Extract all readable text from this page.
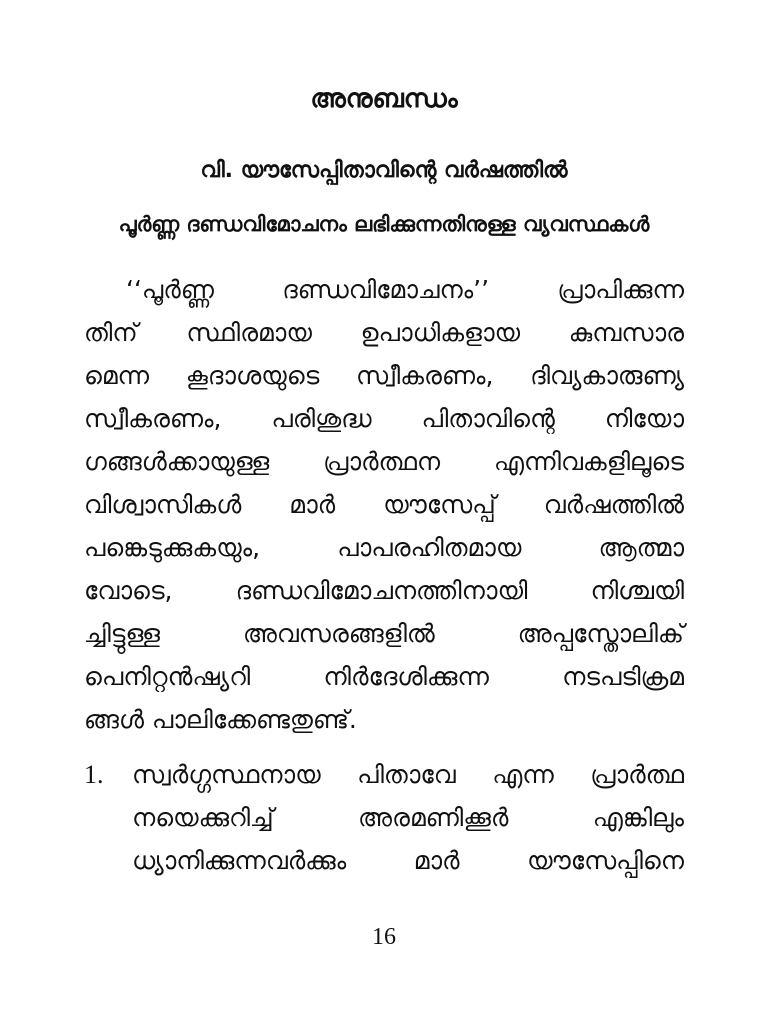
അനുബന്ധം
വി. യൗസേപ്പിതാവിന്റെ വർഷത്തിൽ
പൂർണ്ണ ദണ്ഡവിമോചനം ലഭിക്കുന്നതിനുള്ള വ്യവസ്ഥകൾ
‘‘പൂർണ്ണ ദണ്ഡവിമോചനം’’ പ്രാപിക്കുന്ന
തിന് സ്ഥിരമായ ഉപാധികളായ കുമ്പസാര
മെന്ന കൂദാശയുടെ സ്വീകരണം, ദിവ്യകാരുണ്യ
സ്വീകരണം, പരിശുദ്ധ പിതാവിന്റെ നിയോ
ഗങ്ങൾക്കായുള്ള പ്രാർത്ഥന എന്നിവകളിലൂടെ
വിശ്വാസികൾ മാർ യൗസേപ്പ് വർഷത്തിൽ
പങ്കെടുക്കുകയും, പാപരഹിതമായ ആത്മാ
വോടെ, ദണ്ഡവിമോചനത്തിനായി നിശ്ചയി
ച്ചിട്ടുള്ള അവസരങ്ങളിൽ അപ്പസ്തോലിക്
പെനിറ്റൻഷ്യറി നിർദേശിക്കുന്ന നടപടിക്രമ
ങ്ങൾ പാലിക്കേണ്ടതുണ്ട്.
1.	സ്വർഗ്ഗസ്ഥനായ പിതാവേ എന്ന പ്രാർത്ഥ
നയെക്കുറിച്ച് അരമണിക്കൂർ എങ്കിലും
ധ്യാനിക്കുന്നവർക്കും മാർ യൗസേപ്പിനെ
16
